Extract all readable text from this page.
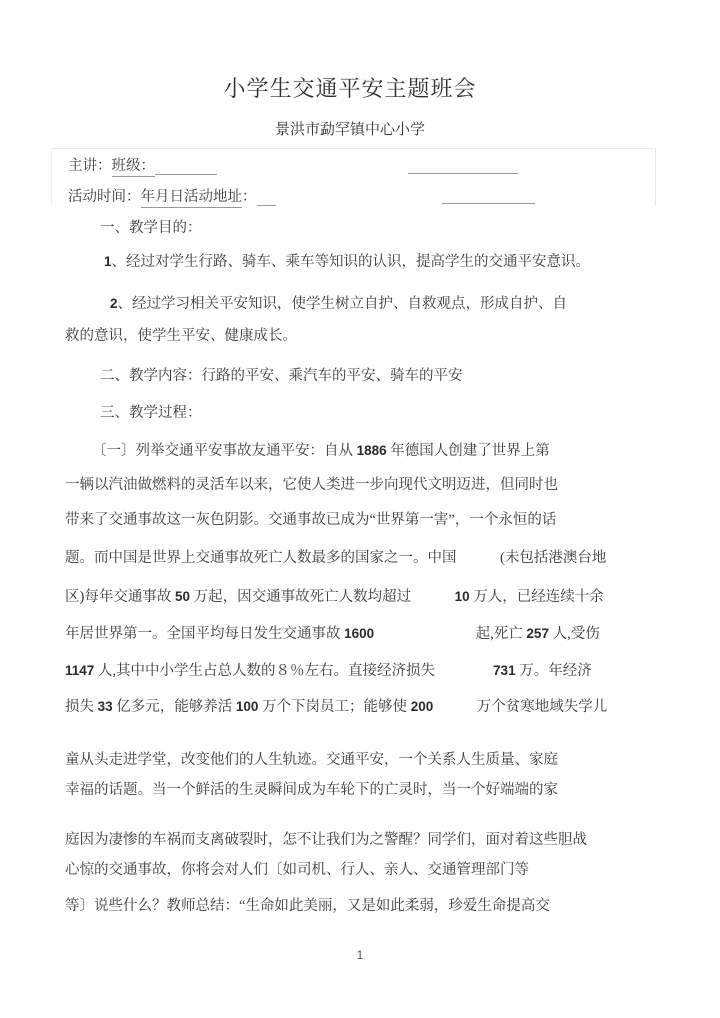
小学生交通平安主题班会
景洪市勐罕镇中心小学
主讲：班级：
活动时间：年月日活动地址：
一、教学目的：
1、经过对学生行路、骑车、乘车等知识的认识，提高学生的交通平安意识。
2、经过学习相关平安知识，使学生树立自护、自救观点，形成自护、自
救的意识，使学生平安、健康成长。
二、教学内容：行路的平安、乘汽车的平安、骑车的平安
三、教学过程：
〔一〕列举交通平安事故友通平安：自从 1886 年德国人创建了世界上第
一辆以汽油做燃料的灵活车以来，它使人类进一步向现代文明迈进，但同时也
带来了交通事故这一灰色阴影。交通事故已成为“世界第一害”，一个永恒的话
题。而中国是世界上交通事故死亡人数最多的国家之一。中国　　　(未包括港澳台地
区)每年交通事故 50 万起，因交通事故死亡人数均超过　　　10 万人，已经连续十余
年居世界第一。全国平均每日发生交通事故 1600　　　　　　　起,死亡 257 人,受伤
1147 人,其中中小学生占总人数的８％左右。直接经济损失　　　　731 万。年经济
损失 33 亿多元，能够养活 100 万个下岗员工；能够使 200　　　万个贫寒地域失学儿
童从头走进学堂，改变他们的人生轨迹。交通平安，一个关系人生质量、家庭
幸福的话题。当一个鲜活的生灵瞬间成为车轮下的亡灵时，当一个好端端的家
庭因为凄惨的车祸而支离破裂时，怎不让我们为之警醒？同学们，面对着这些胆战
心惊的交通事故，你将会对人们〔如司机、行人、亲人、交通管理部门等
等〕说些什么？教师总结：“生命如此美丽，又是如此柔弱，珍爱生命提高交
1
